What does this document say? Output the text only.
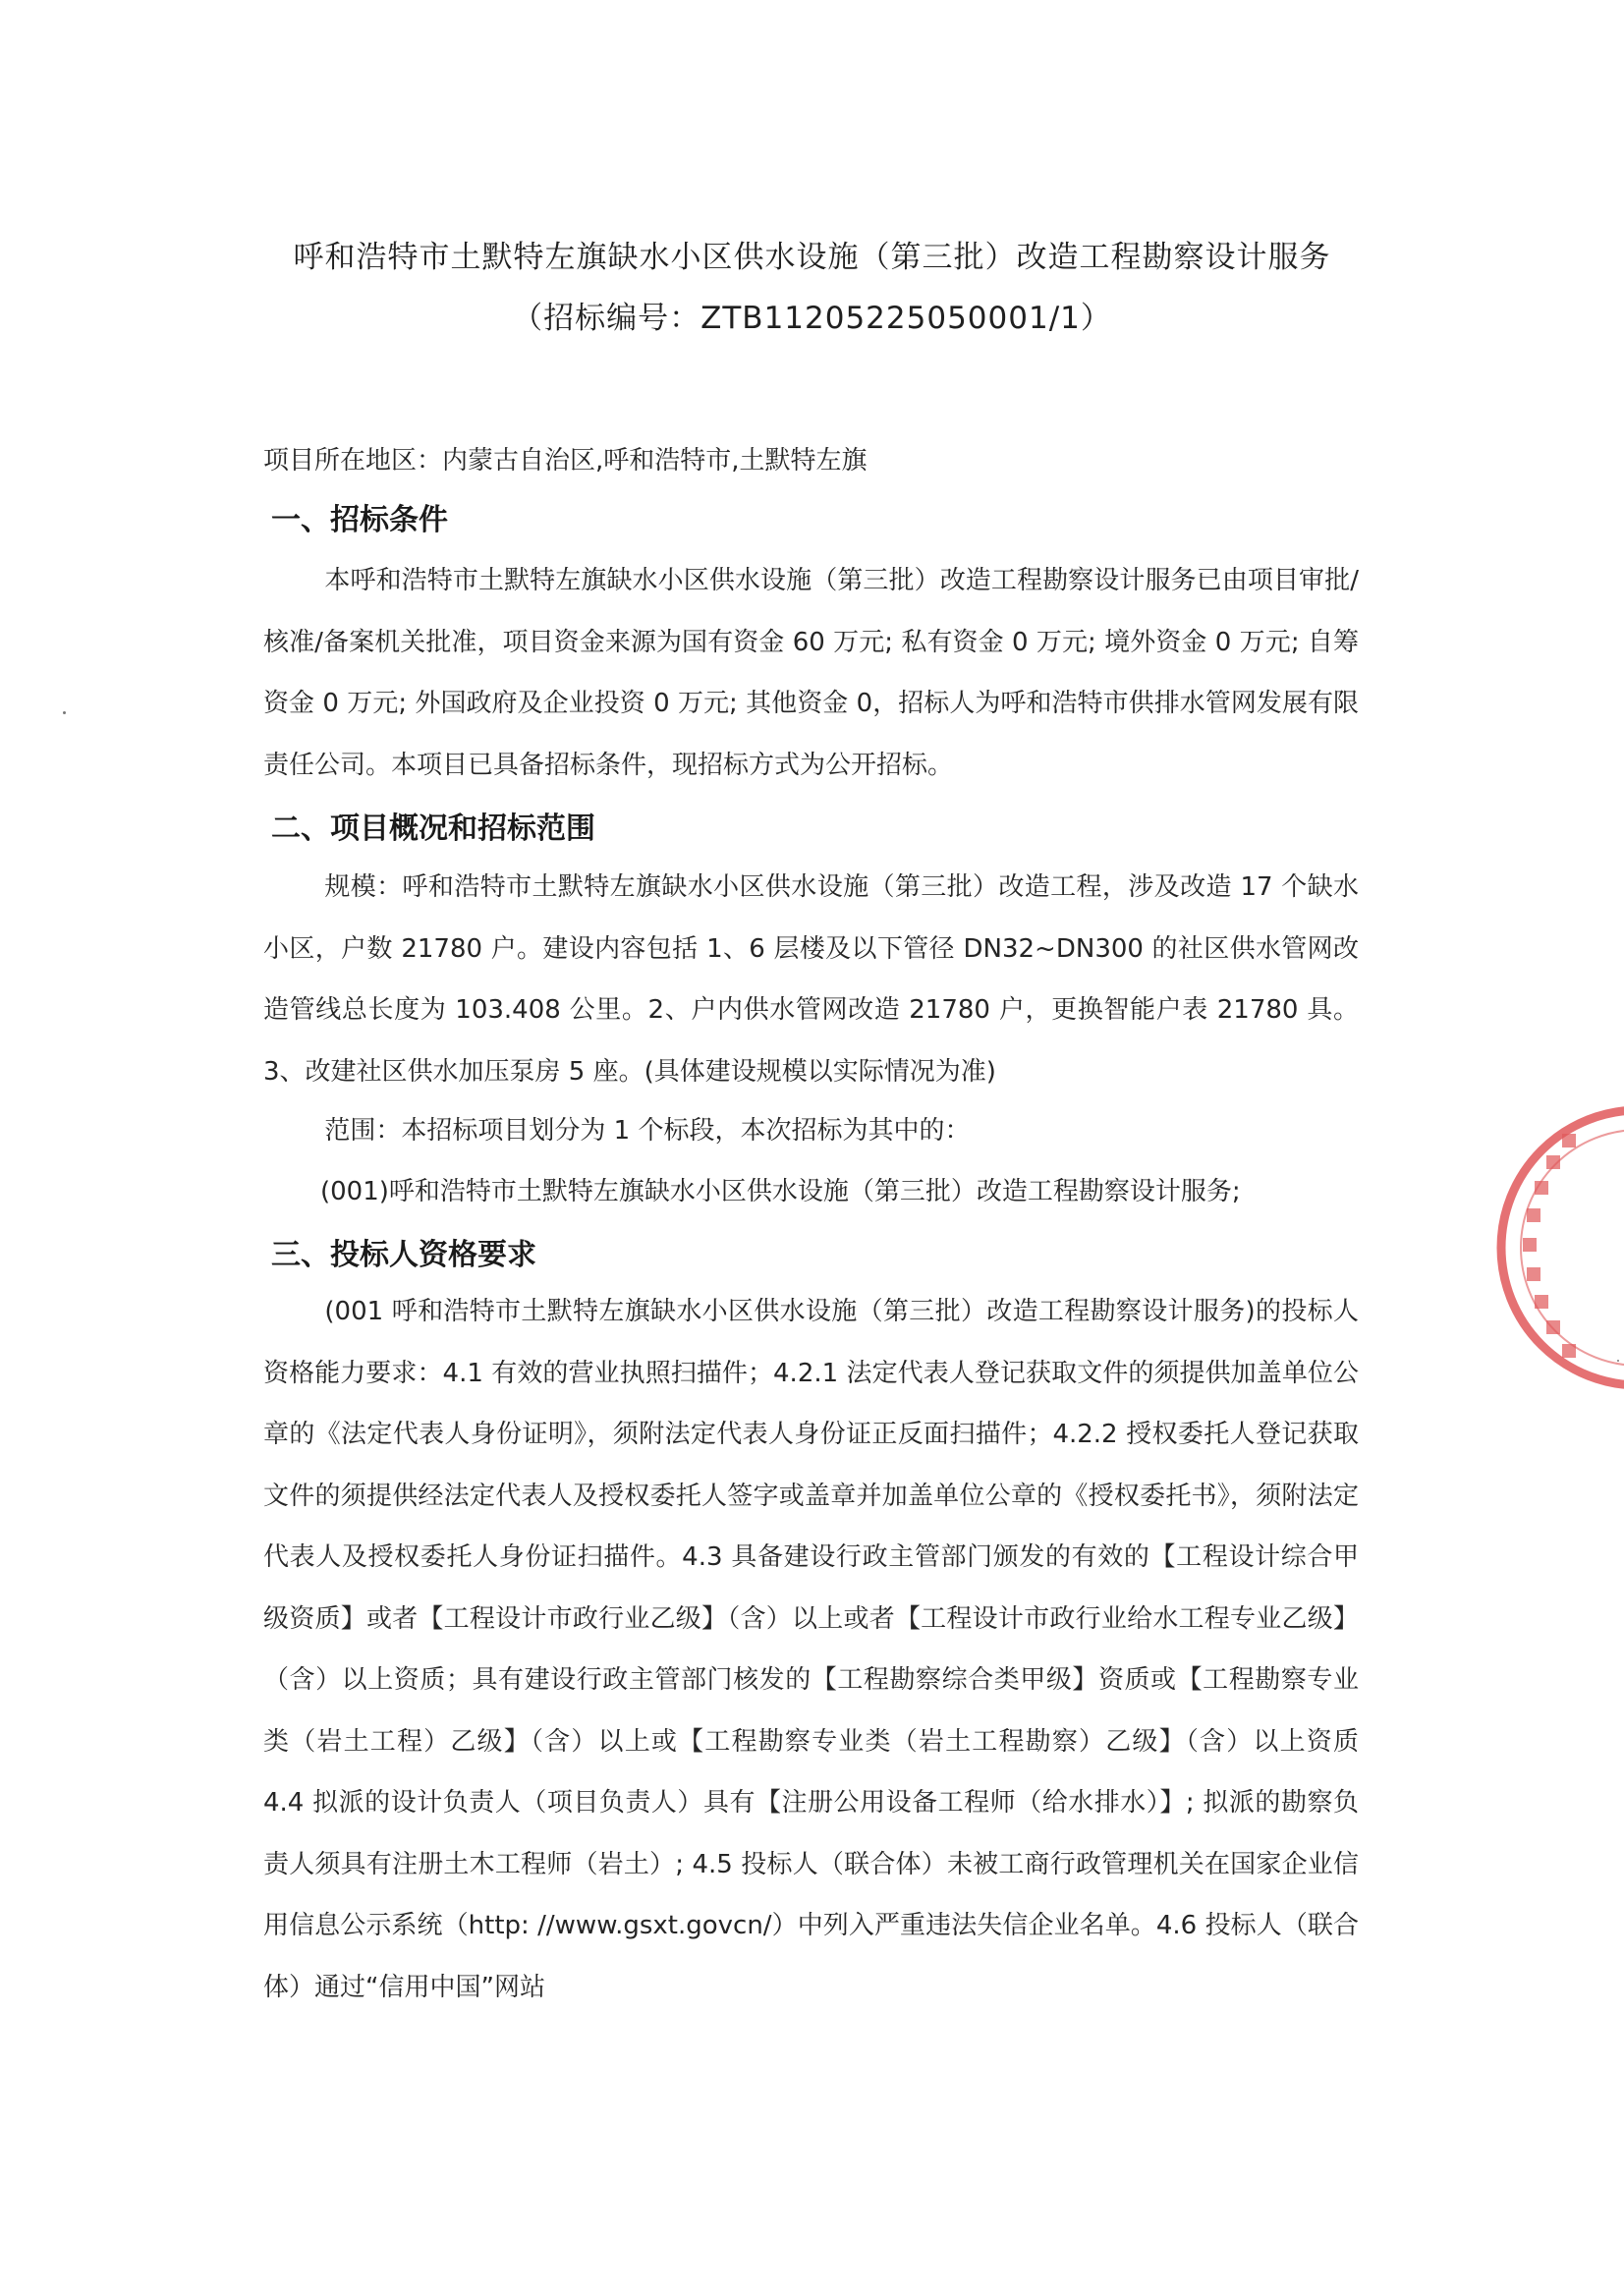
呼和浩特市土默特左旗缺水小区供水设施（第三批）改造工程勘察设计服务
（招标编号：ZTB11205225050001/1）
项目所在地区：内蒙古自治区,呼和浩特市,土默特左旗
一、招标条件

本呼和浩特市土默特左旗缺水小区供水设施（第三批）改造工程勘察设计服务已由项目审批/核准/备案机关批准，项目资金来源为国有资金 60 万元; 私有资金 0 万元; 境外资金 0 万元; 自筹资金 0 万元; 外国政府及企业投资 0 万元; 其他资金 0，招标人为呼和浩特市供排水管网发展有限责任公司。本项目已具备招标条件，现招标方式为公开招标。

二、项目概况和招标范围

规模：呼和浩特市土默特左旗缺水小区供水设施（第三批）改造工程，涉及改造 17 个缺水小区，户数 21780 户。建设内容包括 1、6 层楼及以下管径 DN32~DN300 的社区供水管网改造管线总长度为 103.408 公里。2、户内供水管网改造 21780 户，更换智能户表 21780 具。 3、改建社区供水加压泵房 5 座。(具体建设规模以实际情况为准)

范围：本招标项目划分为 1 个标段，本次招标为其中的：

(001)呼和浩特市土默特左旗缺水小区供水设施（第三批）改造工程勘察设计服务;

三、投标人资格要求

(001 呼和浩特市土默特左旗缺水小区供水设施（第三批）改造工程勘察设计服务)的投标人资格能力要求：4.1 有效的营业执照扫描件；4.2.1 法定代表人登记获取文件的须提供加盖单位公章的《法定代表人身份证明》，须附法定代表人身份证正反面扫描件；4.2.2 授权委托人登记获取文件的须提供经法定代表人及授权委托人签字或盖章并加盖单位公章的《授权委托书》，须附法定代表人及授权委托人身份证扫描件。4.3 具备建设行政主管部门颁发的有效的【工程设计综合甲级资质】或者【工程设计市政行业乙级】（含）以上或者【工程设计市政行业给水工程专业乙级】（含）以上资质；具有建设行政主管部门核发的【工程勘察综合类甲级】资质或【工程勘察专业类（岩土工程）乙级】（含）以上或【工程勘察专业类（岩土工程勘察）乙级】（含）以上资质 4.4 拟派的设计负责人（项目负责人）具有【注册公用设备工程师（给水排水）】; 拟派的勘察负责人须具有注册土木工程师（岩土）; 4.5 投标人（联合体）未被工商行政管理机关在国家企业信用信息公示系统（http: //www.gsxt.govcn/）中列入严重违法失信企业名单。4.6 投标人（联合体）通过“信用中国”网站
